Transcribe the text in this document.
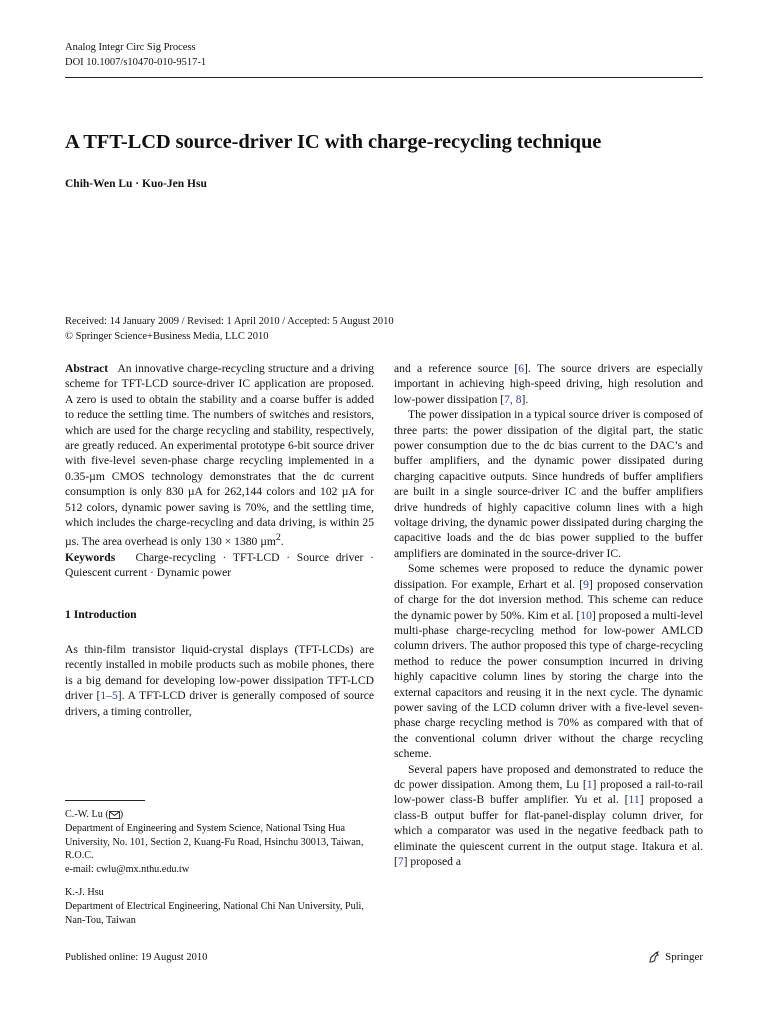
Analog Integr Circ Sig Process
DOI 10.1007/s10470-010-9517-1
A TFT-LCD source-driver IC with charge-recycling technique
Chih-Wen Lu · Kuo-Jen Hsu
Received: 14 January 2009 / Revised: 1 April 2010 / Accepted: 5 August 2010
© Springer Science+Business Media, LLC 2010

Abstract An innovative charge-recycling structure and a driving scheme for TFT-LCD source-driver IC application are proposed. A zero is used to obtain the stability and a coarse buffer is added to reduce the settling time. The numbers of switches and resistors, which are used for the charge recycling and stability, respectively, are greatly reduced. An experimental prototype 6-bit source driver with five-level seven-phase charge recycling implemented in a 0.35-µm CMOS technology demonstrates that the dc current consumption is only 830 µA for 262,144 colors and 102 µA for 512 colors, dynamic power saving is 70%, and the settling time, which includes the charge-recycling and data driving, is within 25 µs. The area overhead is only 130 × 1380 µm$^2$.

Keywords Charge-recycling · TFT-LCD · Source driver · Quiescent current · Dynamic power

1 Introduction

As thin-film transistor liquid-crystal displays (TFT-LCDs) are recently installed in mobile products such as mobile phones, there is a big demand for developing low-power dissipation TFT-LCD driver [1–5]. A TFT-LCD driver is generally composed of source drivers, a timing controller,

C.-W. Lu ( )
Department of Engineering and System Science, National Tsing Hua University, No. 101, Section 2, Kuang-Fu Road, Hsinchu 30013, Taiwan, R.O.C.
e-mail: cwlu@mx.nthu.edu.tw
K.-J. Hsu
Department of Electrical Engineering, National Chi Nan University, Puli, Nan-Tou, Taiwan

and a reference source [6]. The source drivers are especially important in achieving high-speed driving, high resolution and low-power dissipation [7, 8].

The power dissipation in a typical source driver is composed of three parts: the power dissipation of the digital part, the static power consumption due to the dc bias current to the DAC’s and buffer amplifiers, and the dynamic power dissipated during charging capacitive outputs. Since hundreds of buffer amplifiers are built in a single source-driver IC and the buffer amplifiers drive hundreds of highly capacitive column lines with a high voltage driving, the dynamic power dissipated during charging the capacitive loads and the dc bias power supplied to the buffer amplifiers are dominated in the source-driver IC.

Some schemes were proposed to reduce the dynamic power dissipation. For example, Erhart et al. [9] proposed conservation of charge for the dot inversion method. This scheme can reduce the dynamic power by 50%. Kim et al. [10] proposed a multi-level multi-phase charge-recycling method for low-power AMLCD column drivers. The author proposed this type of charge-recycling method to reduce the power consumption incurred in driving highly capacitive column lines by storing the charge into the external capacitors and reusing it in the next cycle. The dynamic power saving of the LCD column driver with a five-level seven-phase charge recycling method is 70% as compared with that of the conventional column driver without the charge recycling scheme.

Several papers have proposed and demonstrated to reduce the dc power dissipation. Among them, Lu [1] proposed a rail-to-rail low-power class-B buffer amplifier. Yu et al. [11] proposed a class-B output buffer for flat-panel-display column driver, for which a comparator was used in the negative feedback path to eliminate the quiescent current in the output stage. Itakura et al. [7] proposed a

Published online: 19 August 2010	Springer
